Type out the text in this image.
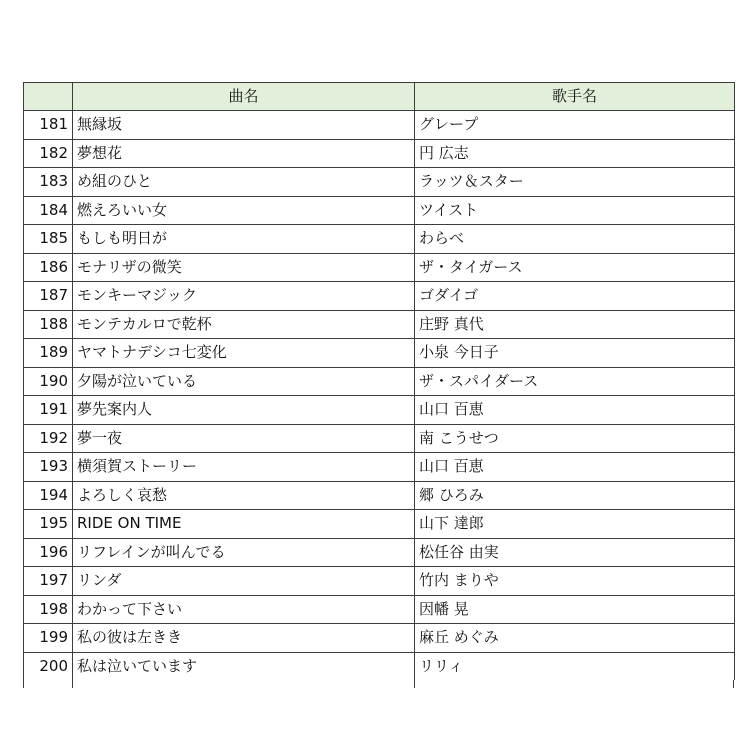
	曲名	歌手名
181	無縁坂	グレープ
182	夢想花	円 広志
183	め組のひと	ラッツ＆スター
184	燃えろいい女	ツイスト
185	もしも明日が	わらべ
186	モナリザの微笑	ザ・タイガース
187	モンキーマジック	ゴダイゴ
188	モンテカルロで乾杯	庄野 真代
189	ヤマトナデシコ七変化	小泉 今日子
190	夕陽が泣いている	ザ・スパイダース
191	夢先案内人	山口 百恵
192	夢一夜	南 こうせつ
193	横須賀ストーリー	山口 百恵
194	よろしく哀愁	郷 ひろみ
195	RIDE ON TIME	山下 達郎
196	リフレインが叫んでる	松任谷 由実
197	リンダ	竹内 まりや
198	わかって下さい	因幡 晃
199	私の彼は左きき	麻丘 めぐみ
200	私は泣いています	リリィ
